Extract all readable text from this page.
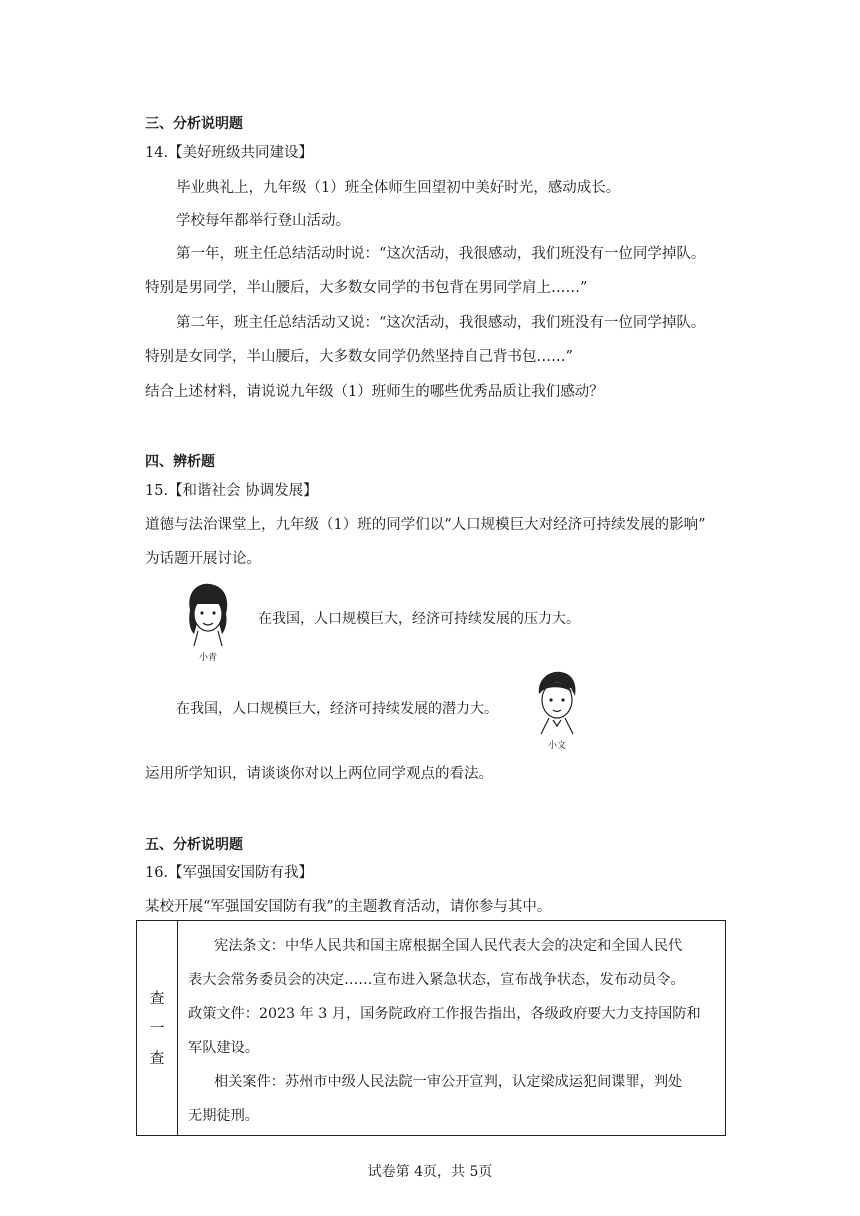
三、分析说明题
14.【美好班级共同建设】
毕业典礼上，九年级（1）班全体师生回望初中美好时光，感动成长。
学校每年都举行登山活动。
第一年，班主任总结活动时说：“这次活动，我很感动，我们班没有一位同学掉队。
特别是男同学，半山腰后，大多数女同学的书包背在男同学肩上……”
第二年，班主任总结活动又说：“这次活动，我很感动，我们班没有一位同学掉队。
特别是女同学，半山腰后，大多数女同学仍然坚持自己背书包……”
结合上述材料，请说说九年级（1）班师生的哪些优秀品质让我们感动？
四、辨析题
15.【和谐社会 协调发展】
道德与法治课堂上，九年级（1）班的同学们以“人口规模巨大对经济可持续发展的影响”
为话题开展讨论。
小青
在我国，人口规模巨大，经济可持续发展的压力大。
在我国，人口规模巨大，经济可持续发展的潜力大。
小文
运用所学知识，请谈谈你对以上两位同学观点的看法。
五、分析说明题
16.【军强国安国防有我】
某校开展“军强国安国防有我”的主题教育活动，请你参与其中。
查
一
查

宪法条文：中华人民共和国主席根据全国人民代表大会的决定和全国人民代
表大会常务委员会的决定……宣布进入紧急状态，宣布战争状态，发布动员令。
政策文件：2023 年 3 月，国务院政府工作报告指出，各级政府要大力支持国防和
军队建设。
相关案件：苏州市中级人民法院一审公开宣判，认定梁成运犯间谍罪，判处
无期徒刑。
试卷第 4页，共 5页
